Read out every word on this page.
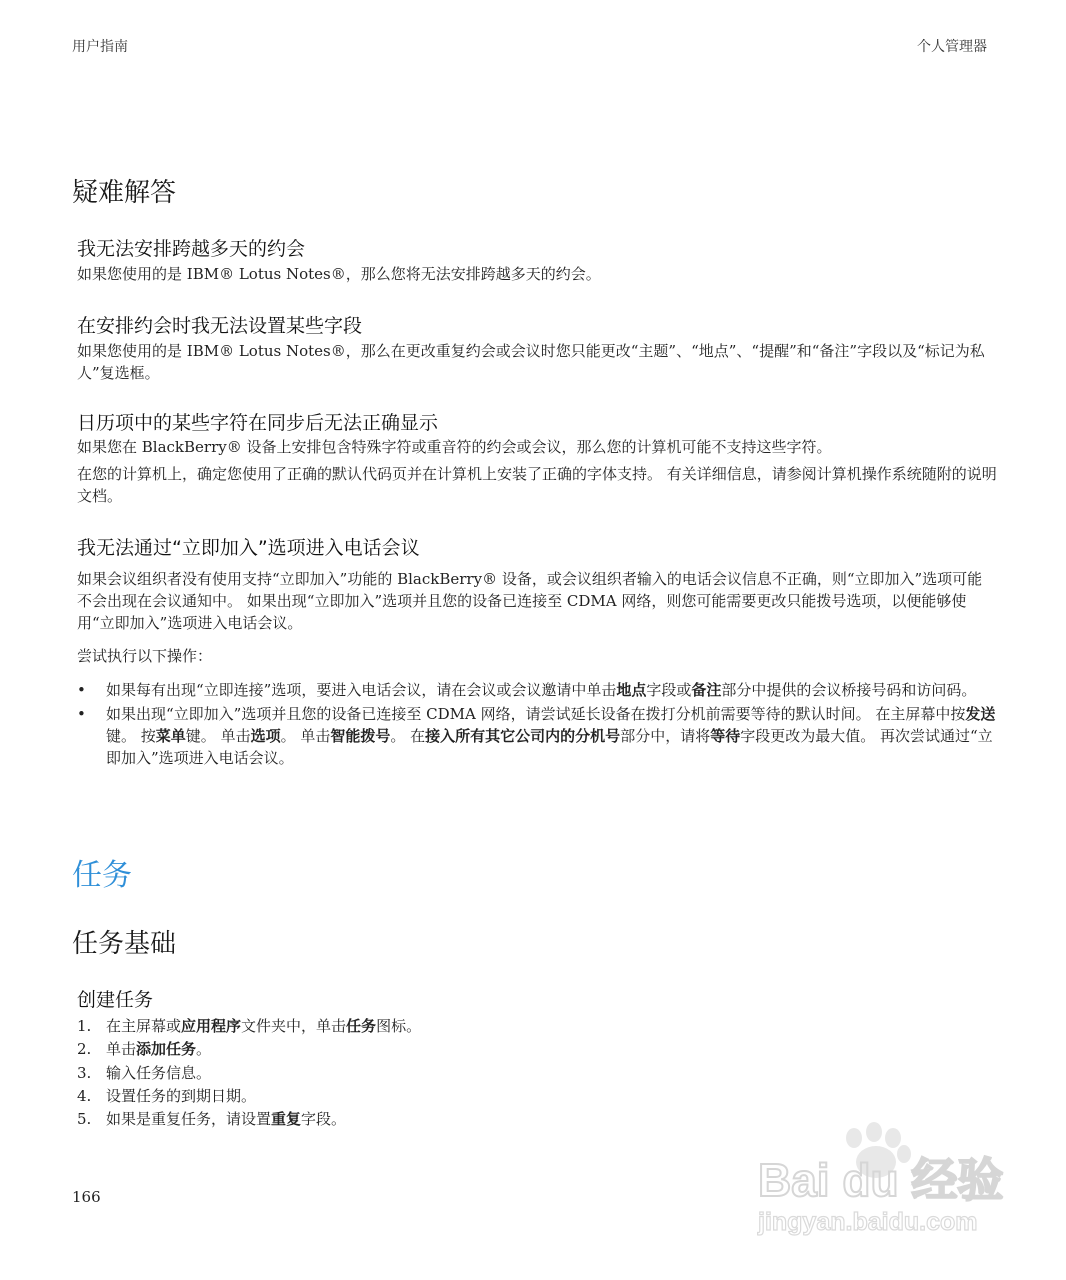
用户指南	个人管理器
疑难解答
我无法安排跨越多天的约会

如果您使用的是 IBM® Lotus Notes®，那么您将无法安排跨越多天的约会。

在安排约会时我无法设置某些字段

如果您使用的是 IBM® Lotus Notes®，那么在更改重复约会或会议时您只能更改“主题”、“地点”、“提醒”和“备注”字段以及“标记为私人”复选框。

日历项中的某些字符在同步后无法正确显示

如果您在 BlackBerry® 设备上安排包含特殊字符或重音符的约会或会议，那么您的计算机可能不支持这些字符。

在您的计算机上，确定您使用了正确的默认代码页并在计算机上安装了正确的字体支持。 有关详细信息，请参阅计算机操作系统随附的说明文档。

我无法通过“立即加入”选项进入电话会议

如果会议组织者没有使用支持“立即加入”功能的 BlackBerry® 设备，或会议组织者输入的电话会议信息不正确，则“立即加入”选项可能不会出现在会议通知中。 如果出现“立即加入”选项并且您的设备已连接至 CDMA 网络，则您可能需要更改只能拨号选项，以便能够使用“立即加入”选项进入电话会议。

尝试执行以下操作：

• 如果每有出现“立即连接”选项，要进入电话会议，请在会议或会议邀请中单击地点字段或备注部分中提供的会议桥接号码和访问码。
• 如果出现“立即加入”选项并且您的设备已连接至 CDMA 网络，请尝试延长设备在拨打分机前需要等待的默认时间。 在主屏幕中按发送键。 按菜单键。 单击选项。 单击智能拨号。 在接入所有其它公司内的分机号部分中，请将等待字段更改为最大值。 再次尝试通过“立即加入”选项进入电话会议。
任务
任务基础
创建任务
1. 在主屏幕或应用程序文件夹中，单击任务图标。
2. 单击添加任务。
3. 输入任务信息。
4. 设置任务的到期日期。
5. 如果是重复任务，请设置重复字段。
166	Bai du 经验
jingyan.baidu.com
